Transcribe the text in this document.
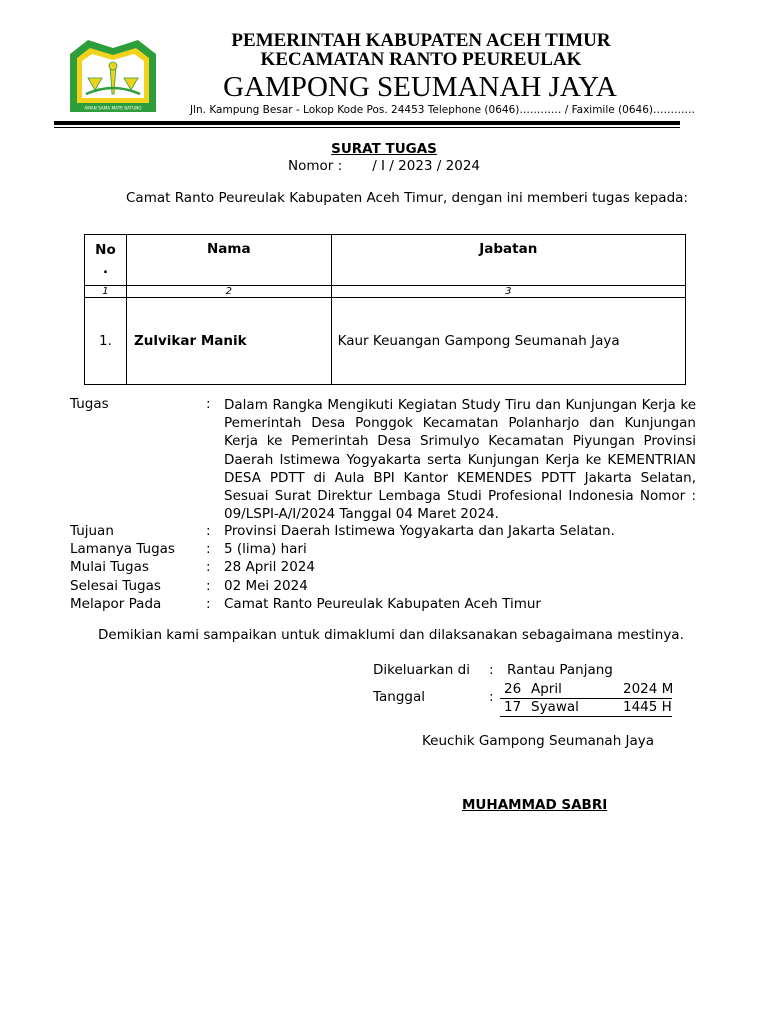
AMAN SAMA MATE BATUNG
PEMERINTAH KABUPATEN ACEH TIMUR
KECAMATAN RANTO PEUREULAK
GAMPONG SEUMANAH JAYA
Jln. Kampung Besar - Lokop Kode Pos. 24453 Telephone (0646)………… / Faximile (0646)…………
SURAT TUGAS
Nomor :       / I / 2023 / 2024
Camat Ranto Peureulak Kabupaten Aceh Timur, dengan ini memberi tugas kepada:
No
.	Nama	Jabatan
1	2	3
1.	Zulvikar Manik	Kaur Keuangan Gampong Seumanah Jaya
Tugas	: Dalam Rangka Mengikuti Kegiatan Study Tiru dan Kunjungan Kerja ke
Pemerintah Desa Ponggok Kecamatan Polanharjo dan Kunjungan
Kerja ke Pemerintah Desa Srimulyo Kecamatan Piyungan Provinsi
Daerah Istimewa Yogyakarta serta Kunjungan Kerja ke KEMENTRIAN
DESA PDTT di Aula BPI Kantor KEMENDES PDTT Jakarta Selatan,
Sesuai Surat Direktur Lembaga Studi Profesional Indonesia Nomor :
09/LSPI-A/I/2024 Tanggal 04 Maret 2024.
Tujuan	: Provinsi Daerah Istimewa Yogyakarta dan Jakarta Selatan.
Lamanya Tugas : 5 (lima) hari
Mulai Tugas	: 28 April 2024
Selesai Tugas	: 02 Mei 2024
Melapor Pada	: Camat Ranto Peureulak Kabupaten Aceh Timur
Demikian kami sampaikan untuk dimaklumi dan dilaksanakan sebagaimana mestinya.
Dikeluarkan di : Rantau Panjang
Tanggal	: 26 April	2024 M
17 Syawal	1445 H
Keuchik Gampong Seumanah Jaya
MUHAMMAD SABRI
